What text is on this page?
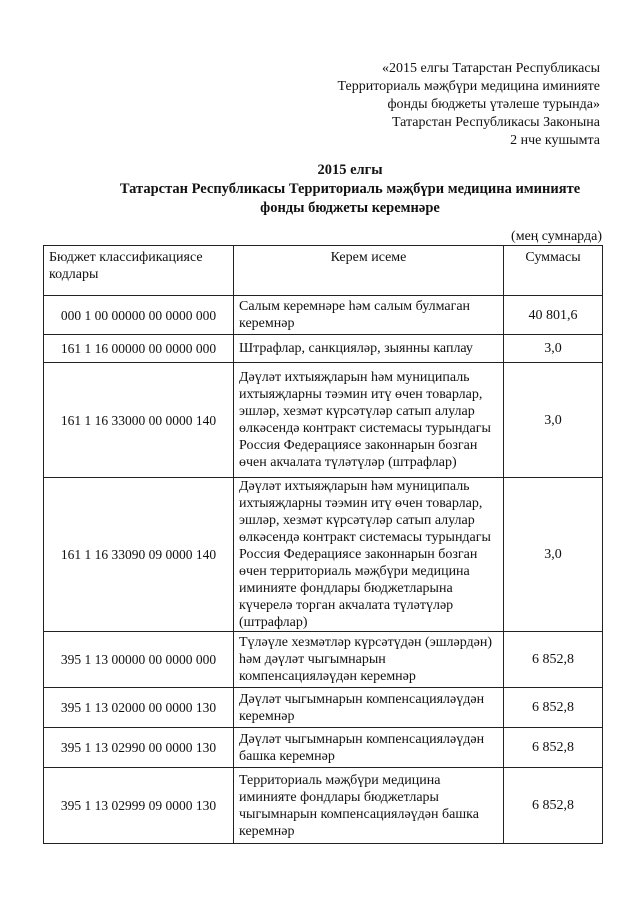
«2015 елгы Татарстан Республикасы
Территориаль мәҗбүри медицина иминияте
фонды бюджеты үтәлеше турында»
Татарстан Республикасы Законына
2 нче кушымта
2015 елгы
Татарстан Республикасы Территориаль мәҗбүри медицина иминияте
фонды бюджеты керемнәре
(мең сумнарда)
Бюджет классификациясе кодлары	Керем исеме	Суммасы
000 1 00 00000 00 0000 000	Салым керемнәре һәм салым булмаган керемнәр	40 801,6
161 1 16 00000 00 0000 000	Штрафлар, санкцияләр, зыянны каплау	3,0
161 1 16 33000 00 0000 140	Дәүләт ихтыяҗларын һәм муниципаль ихтыяҗларны тәэмин итү өчен товарлар, эшләр, хезмәт күрсәтүләр сатып алулар өлкәсендә контракт системасы турындагы Россия Федерациясе законнарын бозган өчен акчалата түләтүләр (штрафлар)	3,0
161 1 16 33090 09 0000 140	Дәүләт ихтыяҗларын һәм муниципаль ихтыяҗларны тәэмин итү өчен товарлар, эшләр, хезмәт күрсәтүләр сатып алулар өлкәсендә контракт системасы турындагы Россия Федерациясе законнарын бозган өчен территориаль мәҗбүри медицина иминияте фондлары бюджетларына күчерелә торган акчалата түләтүләр (штрафлар)	3,0
395 1 13 00000 00 0000 000	Түләүле хезмәтләр күрсәтүдән (эшләрдән) һәм дәүләт чыгымнарын компенсацияләүдән керемнәр	6 852,8
395 1 13 02000 00 0000 130	Дәүләт чыгымнарын компенсацияләүдән керемнәр	6 852,8
395 1 13 02990 00 0000 130	Дәүләт чыгымнарын компенсацияләүдән башка керемнәр	6 852,8
395 1 13 02999 09 0000 130	Территориаль мәҗбүри медицина иминияте фондлары бюджетлары чыгымнарын компенсацияләүдән башка керемнәр	6 852,8
